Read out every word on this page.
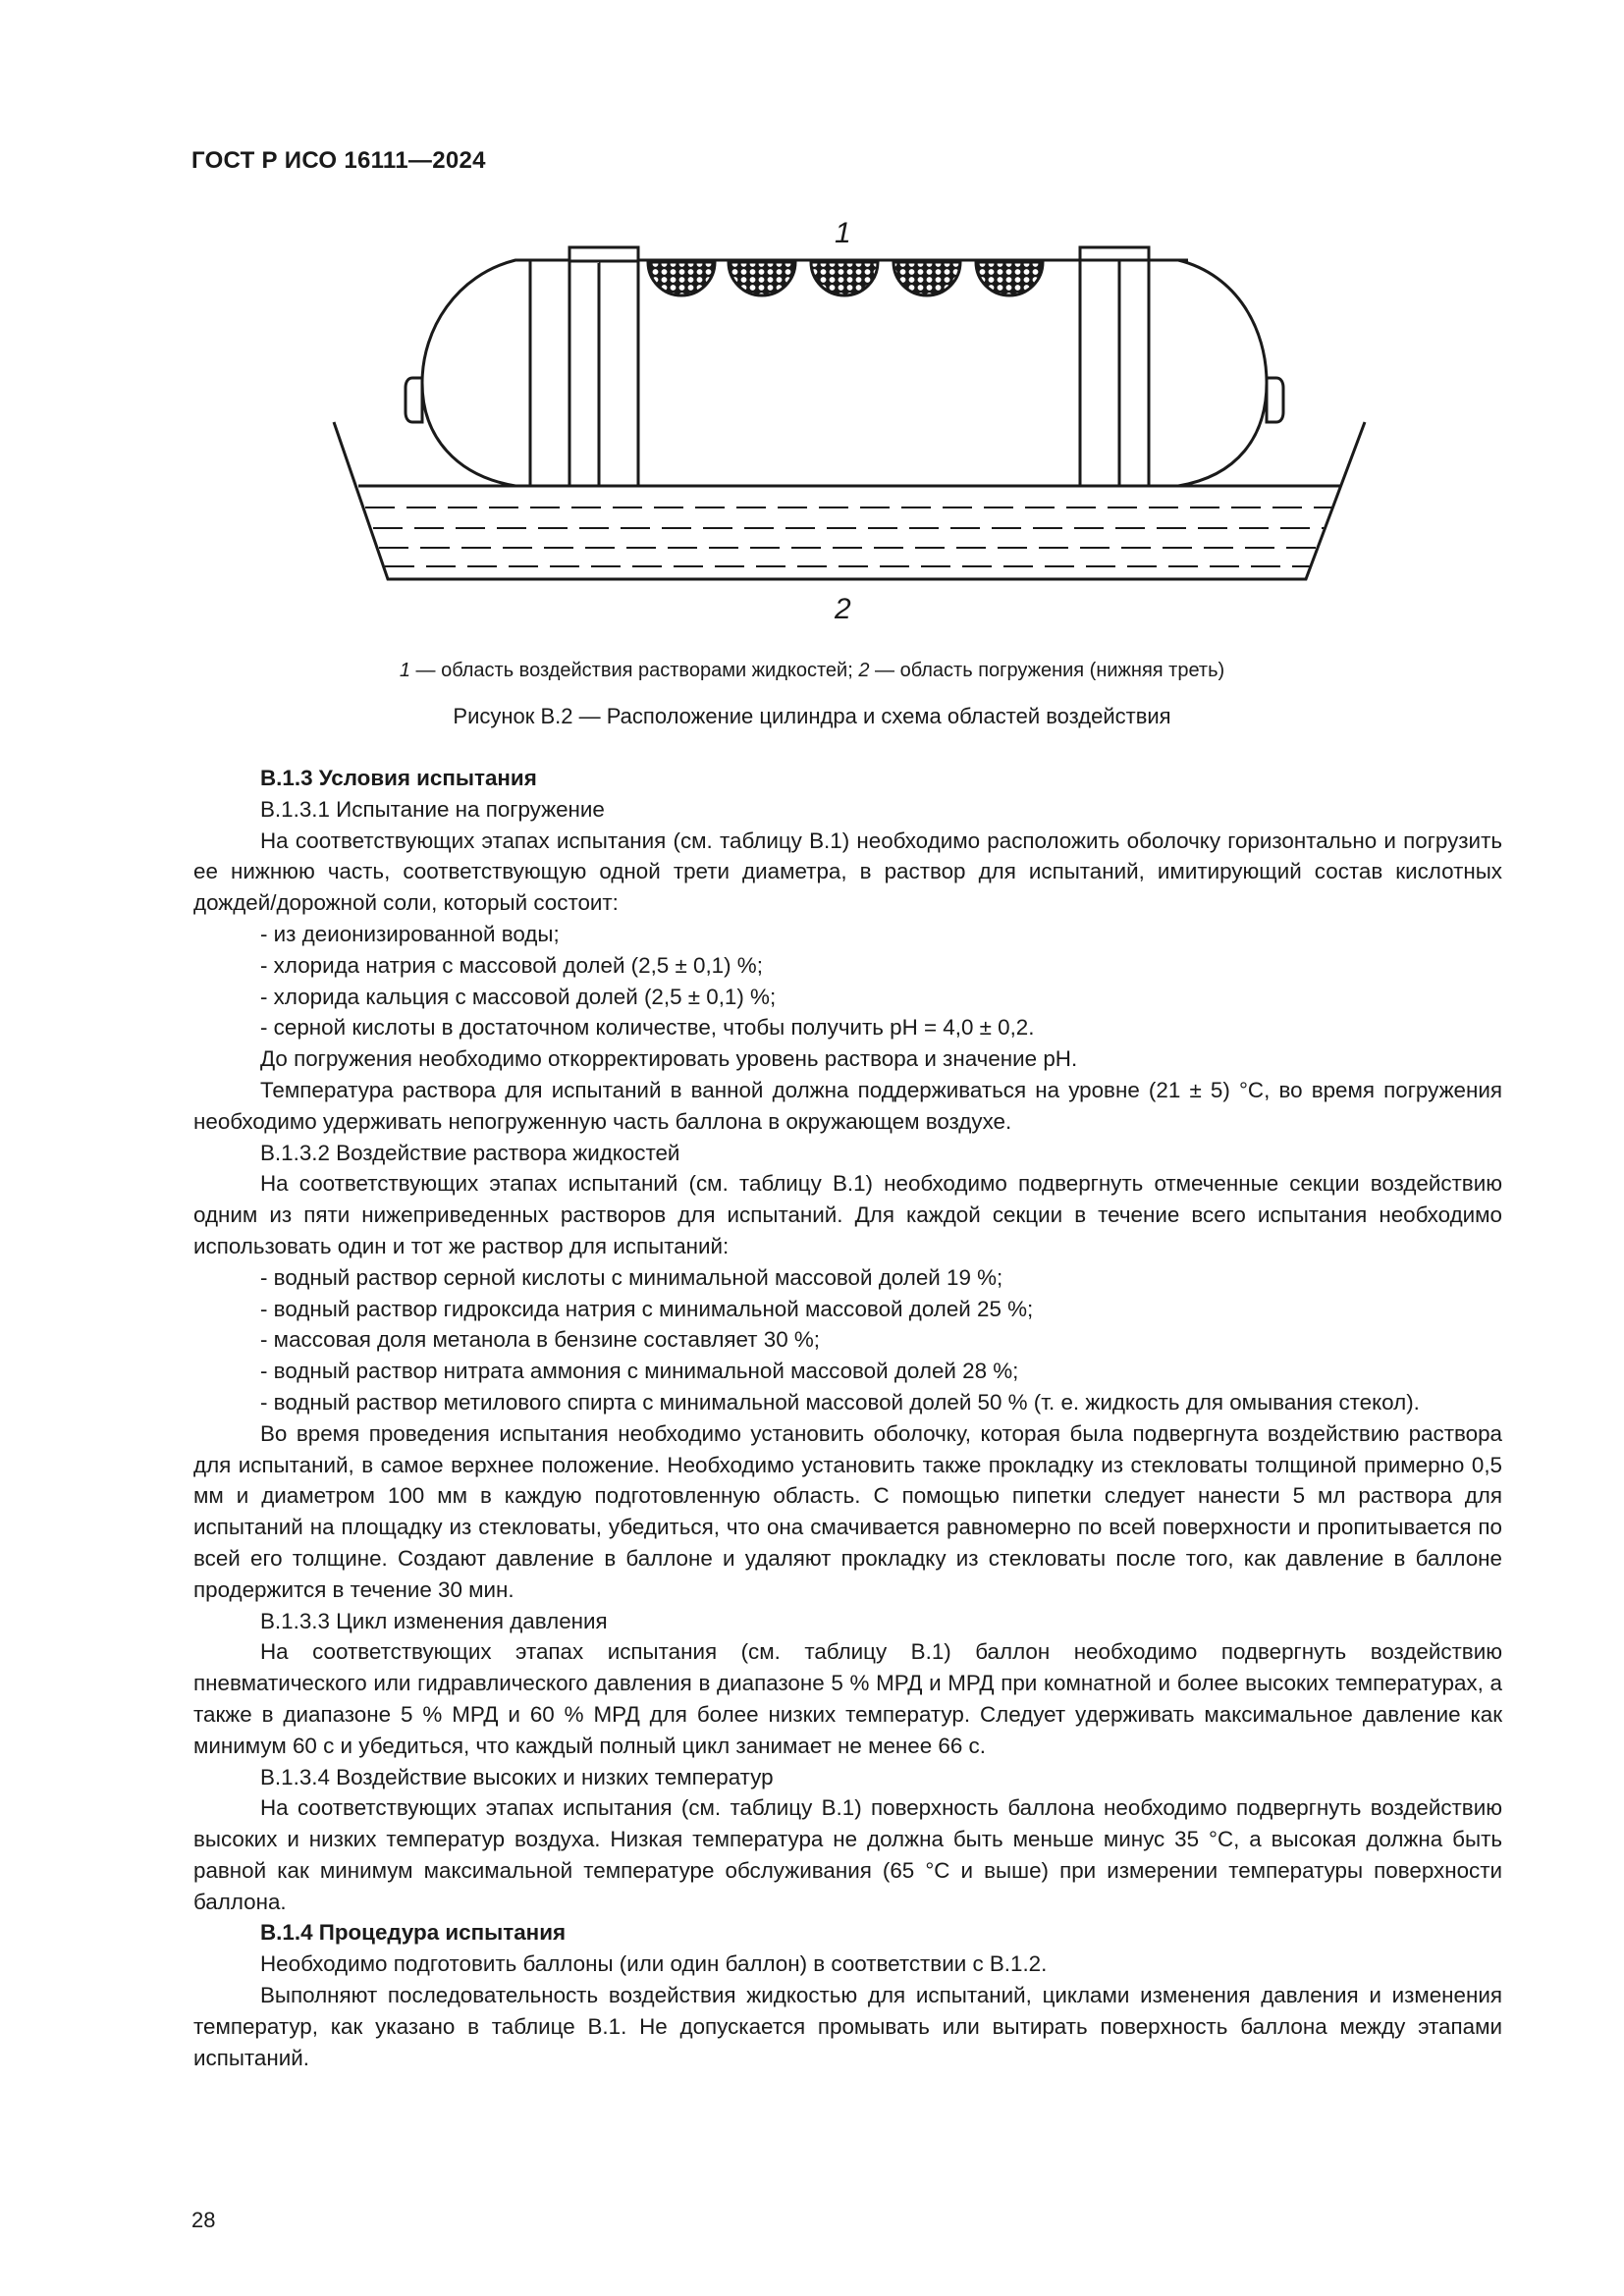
ГОСТ Р ИСО 16111—2024
1
2
1 — область воздействия растворами жидкостей; 2 — область погружения (нижняя треть)
Рисунок В.2 — Расположение цилиндра и схема областей воздействия

В.1.3 Условия испытания

В.1.3.1 Испытание на погружение

На соответствующих этапах испытания (см. таблицу В.1) необходимо расположить оболочку горизонтально и погрузить ее нижнюю часть, соответствующую одной трети диаметра, в раствор для испытаний, имитирующий состав кислотных дождей/дорожной соли, который состоит:

- из деионизированной воды;

- хлорида натрия с массовой долей (2,5 ± 0,1) %;

- хлорида кальция с массовой долей (2,5 ± 0,1) %;

- серной кислоты в достаточном количестве, чтобы получить pH = 4,0 ± 0,2.

До погружения необходимо откорректировать уровень раствора и значение pH.

Температура раствора для испытаний в ванной должна поддерживаться на уровне (21 ± 5) °С, во время погружения необходимо удерживать непогруженную часть баллона в окружающем воздухе.

В.1.3.2 Воздействие раствора жидкостей

На соответствующих этапах испытаний (см. таблицу В.1) необходимо подвергнуть отмеченные секции воздействию одним из пяти нижеприведенных растворов для испытаний. Для каждой секции в течение всего испытания необходимо использовать один и тот же раствор для испытаний:

- водный раствор серной кислоты с минимальной массовой долей 19 %;

- водный раствор гидроксида натрия с минимальной массовой долей 25 %;

- массовая доля метанола в бензине составляет 30 %;

- водный раствор нитрата аммония с минимальной массовой долей 28 %;

- водный раствор метилового спирта с минимальной массовой долей 50 % (т. е. жидкость для омывания стекол).

Во время проведения испытания необходимо установить оболочку, которая была подвергнута воздействию раствора для испытаний, в самое верхнее положение. Необходимо установить также прокладку из стекловаты толщиной примерно 0,5 мм и диаметром 100 мм в каждую подготовленную область. С помощью пипетки следует нанести 5 мл раствора для испытаний на площадку из стекловаты, убедиться, что она смачивается равномерно по всей поверхности и пропитывается по всей его толщине. Создают давление в баллоне и удаляют прокладку из стекловаты после того, как давление в баллоне продержится в течение 30 мин.

В.1.3.3 Цикл изменения давления

На соответствующих этапах испытания (см. таблицу В.1) баллон необходимо подвергнуть воздействию пневматического или гидравлического давления в диапазоне 5 % МРД и МРД при комнатной и более высоких температурах, а также в диапазоне 5 % МРД и 60 % МРД для более низких температур. Следует удерживать максимальное давление как минимум 60 с и убедиться, что каждый полный цикл занимает не менее 66 с.

В.1.3.4 Воздействие высоких и низких температур

На соответствующих этапах испытания (см. таблицу В.1) поверхность баллона необходимо подвергнуть воздействию высоких и низких температур воздуха. Низкая температура не должна быть меньше минус 35 °С, а высокая должна быть равной как минимум максимальной температуре обслуживания (65 °С и выше) при измерении температуры поверхности баллона.

В.1.4 Процедура испытания

Необходимо подготовить баллоны (или один баллон) в соответствии с В.1.2.

Выполняют последовательность воздействия жидкостью для испытаний, циклами изменения давления и изменения температур, как указано в таблице В.1. Не допускается промывать или вытирать поверхность баллона между этапами испытаний.

28
